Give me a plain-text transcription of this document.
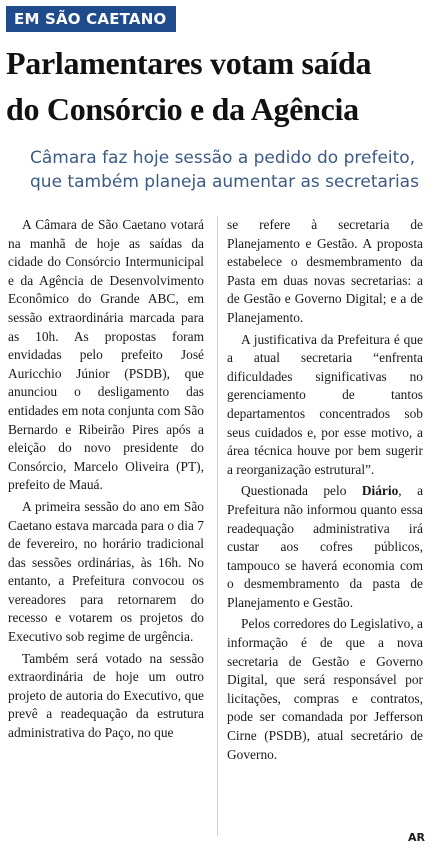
EM SÃO CAETANO
Parlamentares votam saída
do Consórcio e da Agência
Câmara faz hoje sessão a pedido do prefeito,
que também planeja aumentar as secretarias

A Câmara de São Caetano votará na manhã de hoje as saídas da cidade do Consórcio Intermunicipal e da Agência de Desenvolvimento Econômico do Grande ABC, em sessão extraordinária marcada para as 10h. As propostas foram envidadas pelo prefeito José Auricchio Júnior (PSDB), que anunciou o desligamento das entidades em nota conjunta com São Bernardo e Ribeirão Pires após a eleição do novo presidente do Consórcio, Marcelo Oliveira (PT), prefeito de Mauá.

A primeira sessão do ano em São Caetano estava marcada para o dia 7 de fevereiro, no horário tradicional das sessões ordinárias, às 16h. No entanto, a Prefeitura convocou os vereadores para retornarem do recesso e votarem os projetos do Executivo sob regime de urgência.

Também será votado na sessão extraordinária de hoje um outro projeto de autoria do Executivo, que prevê a readequação da estrutura administrativa do Paço, no que

se refere à secretaria de Planejamento e Gestão. A proposta estabelece o desmembramento da Pasta em duas novas secretarias: a de Gestão e Governo Digital; e a de Planejamento.

A justificativa da Prefeitura é que a atual secretaria “enfrenta dificuldades significativas no gerenciamento de tantos departamentos concentrados sob seus cuidados e, por esse motivo, a área técnica houve por bem sugerir a reorganização estrutural”.

Questionada pelo Diário, a Prefeitura não informou quanto essa readequação administrativa irá custar aos cofres públicos, tampouco se haverá economia com o desmembramento da pasta de Planejamento e Gestão.

Pelos corredores do Legislativo, a informação é de que a nova secretaria de Gestão e Governo Digital, que será responsável por licitações, compras e contratos, pode ser comandada por Jefferson Cirne (PSDB), atual secretário de Governo.

AR
